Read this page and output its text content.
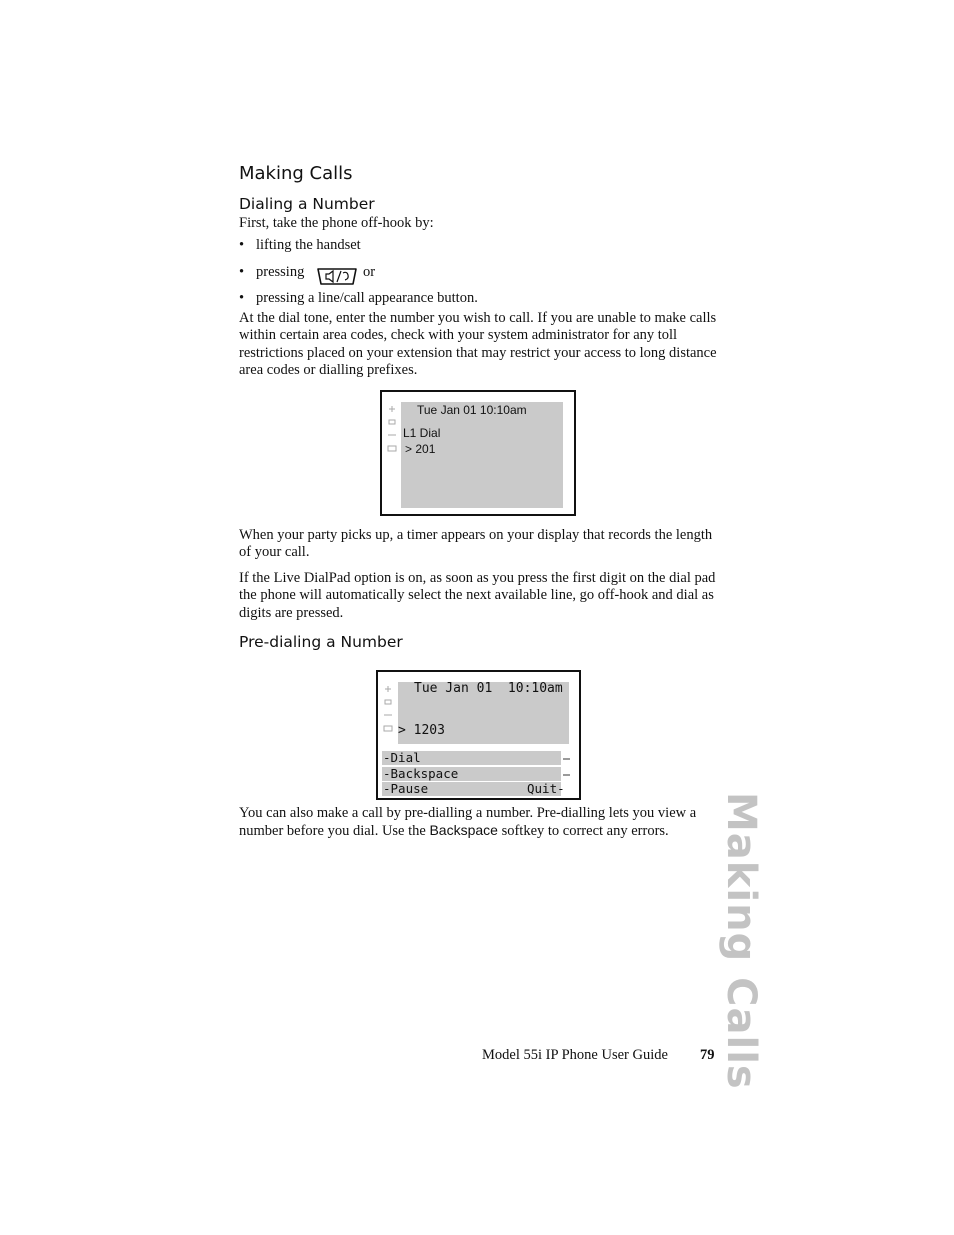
Making Calls
Dialing a Number
First, take the phone off-hook by:
• lifting the handset
• pressing	or
• pressing a line/call appearance button.
At the dial tone, enter the number you wish to call. If you are unable to make calls within certain area codes, check with your system administrator for any toll restrictions placed on your extension that may restrict your access to long distance area codes or dialling prefixes.
Tue Jan 01 10:10am
L1 Dial
> 201
When your party picks up, a timer appears on your display that records the length of your call.
If the Live DialPad option is on, as soon as you press the first digit on the dial pad the phone will automatically select the next available line, go off-hook and dial as digits are pressed.
Pre-dialing a Number
Tue Jan 01  10:10am
> 1203
-Dial
-Backspace
-Pause	Quit-
You can also make a call by pre-dialling a number. Pre-dialling lets you view a number before you dial. Use the Backspace softkey to correct any errors.	Making Calls
Model 55i IP Phone User Guide 79
